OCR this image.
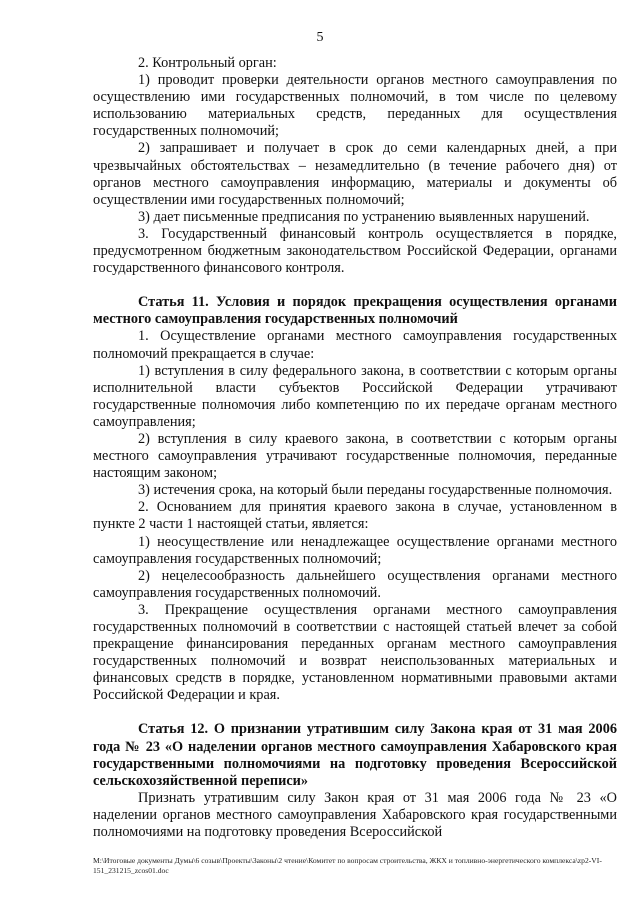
5

2. Контрольный орган:

1) проводит проверки деятельности органов местного самоуправления по осуществлению ими государственных полномочий, в том числе по целевому использованию материальных средств, переданных для осуществления государственных полномочий;

2) запрашивает и получает в срок до семи календарных дней, а при чрезвычайных обстоятельствах – незамедлительно (в течение рабочего дня) от органов местного самоуправления информацию, материалы и документы об осуществлении ими государственных полномочий;

3) дает письменные предписания по устранению выявленных нарушений.

3. Государственный финансовый контроль осуществляется в порядке, предусмотренном бюджетным законодательством Российской Федерации, органами государственного финансового контроля.

Статья 11. Условия и порядок прекращения осуществления органами местного самоуправления государственных полномочий

1. Осуществление органами местного самоуправления государственных полномочий прекращается в случае:

1) вступления в силу федерального закона, в соответствии с которым органы исполнительной власти субъектов Российской Федерации утрачивают государственные полномочия либо компетенцию по их передаче органам местного самоуправления;

2) вступления в силу краевого закона, в соответствии с которым органы местного самоуправления утрачивают государственные полномочия, переданные настоящим законом;

3) истечения срока, на который были переданы государственные полномочия.

2. Основанием для принятия краевого закона в случае, установленном в пункте 2 части 1 настоящей статьи, является:

1) неосуществление или ненадлежащее осуществление органами местного самоуправления государственных полномочий;

2) нецелесообразность дальнейшего осуществления органами местного самоуправления государственных полномочий.

3. Прекращение осуществления органами местного самоуправления государственных полномочий в соответствии с настоящей статьей влечет за собой прекращение финансирования переданных органам местного самоуправления государственных полномочий и возврат неиспользованных материальных и финансовых средств в порядке, установленном нормативными правовыми актами Российской Федерации и края.

Статья 12. О признании утратившим силу Закона края от 31 мая 2006 года № 23 «О наделении органов местного самоуправления Хабаровского края государственными полномочиями на подготовку проведения Всероссийской сельскохозяйственной переписи»

Признать утратившим силу Закон края от 31 мая 2006 года № 23 «О наделении органов местного самоуправления Хабаровского края государственными полномочиями на подготовку проведения Всероссийской

M:\Итоговые документы Думы\6 созыв\Проекты\Законы\2 чтение\Комитет по вопросам строительства, ЖКХ и топливно-энергетического комплекса\zp2-VI-151_231215_zcos01.doc
